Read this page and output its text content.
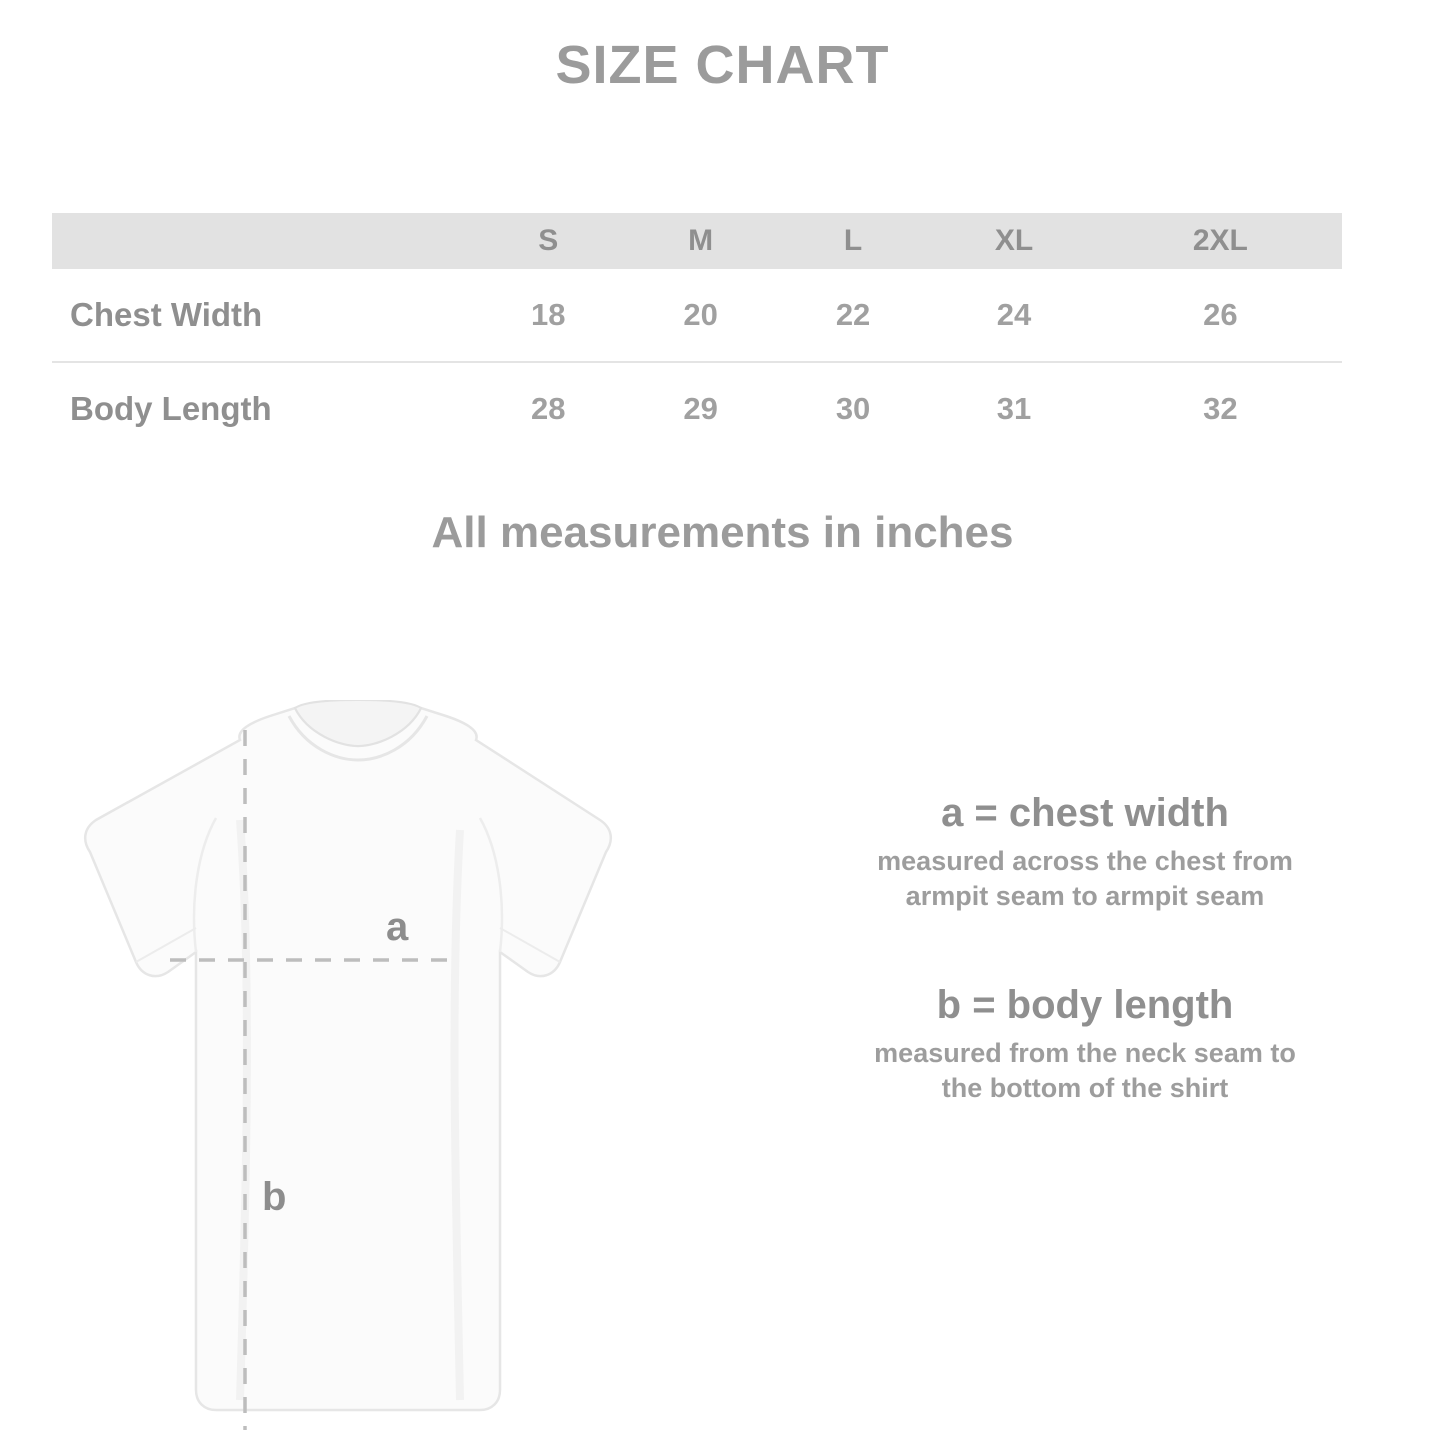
SIZE CHART
	S	M	L	XL	2XL
Chest Width	18	20	22	24	26
Body Length	28	29	30	31	32
All measurements in inches
a
b

a = chest width

measured across the chest from

armpit seam to armpit seam

b = body length

measured from the neck seam to

the bottom of the shirt
